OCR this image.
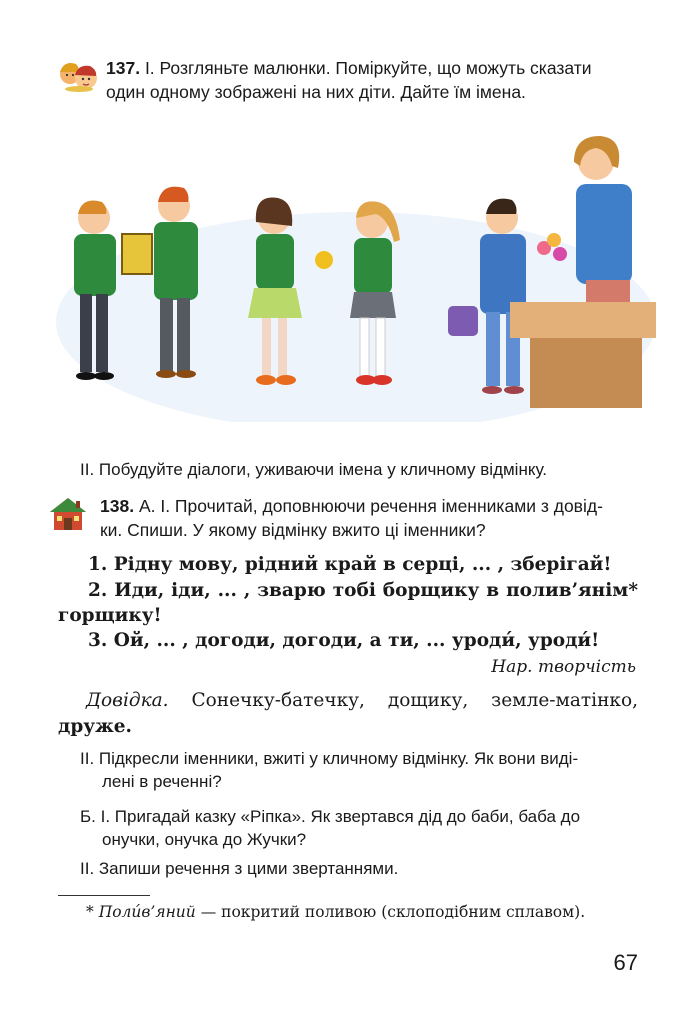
137. І. Розгляньте малюнки. Поміркуйте, що можуть сказати
один одному зображені на них діти. Дайте їм імена.
ІІ. Побудуйте діалоги, уживаючи імена у кличному відмінку.
138. А. І. Прочитай, доповнюючи речення іменниками з довід-
ки. Спиши. У якому відмінку вжито ці іменники?
1. Рідну мову, рідний край в серці, ... , зберігай!
2. Иди, іди, ... , зварю тобі борщику в полив’янім*
горщику!
3. Ой, ... , догоди, догоди, а ти, ... уроди́, уроди́!
Нар. творчість
Довідка. Сонечку-батечку, дощику, земле-матінко,
друже.
ІІ. Підкресли іменники, вжиті у кличному відмінку. Як вони виді-
лені в реченні?
Б. І. Пригадай казку «Ріпка». Як звертався дід до баби, баба до
онучки, онучка до Жучки?
ІІ. Запиши речення з цими звертаннями.
* Поли́в’яний — покритий поливою (склоподібним сплавом).
67
